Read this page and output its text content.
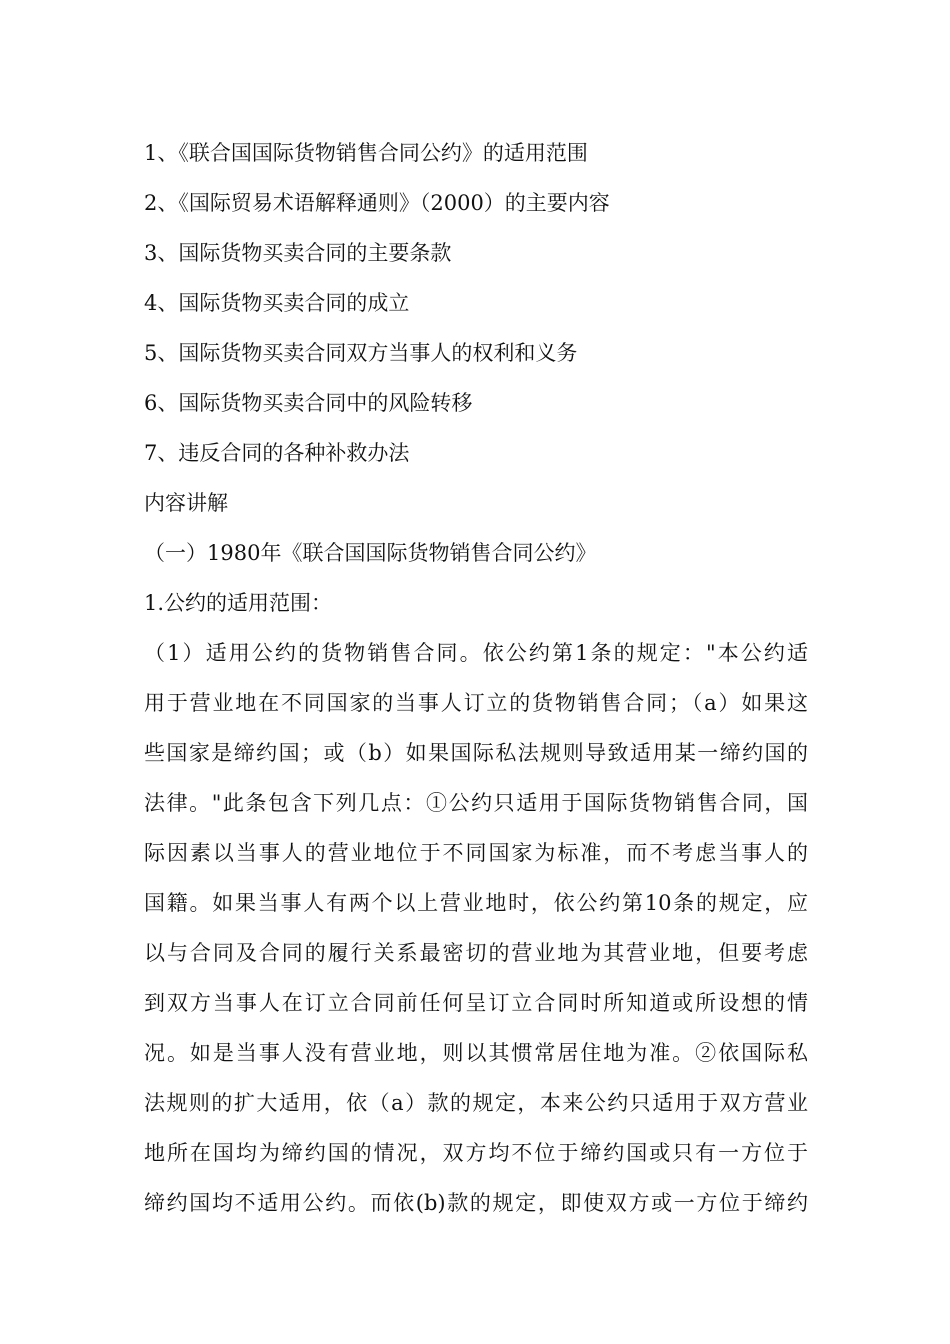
1、《联合国国际货物销售合同公约》的适用范围
2、《国际贸易术语解释通则》（2000）的主要内容
3、国际货物买卖合同的主要条款
4、国际货物买卖合同的成立
5、国际货物买卖合同双方当事人的权利和义务
6、国际货物买卖合同中的风险转移
7、违反合同的各种补救办法
内容讲解
（一）1980年《联合国国际货物销售合同公约》
1.公约的适用范围：
（1）适用公约的货物销售合同。依公约第1条的规定："本公约适
用于营业地在不同国家的当事人订立的货物销售合同；（a）如果这
些国家是缔约国；或（b）如果国际私法规则导致适用某一缔约国的
法律。"此条包含下列几点：①公约只适用于国际货物销售合同，国
际因素以当事人的营业地位于不同国家为标准，而不考虑当事人的
国籍。如果当事人有两个以上营业地时，依公约第10条的规定，应
以与合同及合同的履行关系最密切的营业地为其营业地，但要考虑
到双方当事人在订立合同前任何呈订立合同时所知道或所设想的情
况。如是当事人没有营业地，则以其惯常居住地为准。②依国际私
法规则的扩大适用，依（a）款的规定，本来公约只适用于双方营业
地所在国均为缔约国的情况，双方均不位于缔约国或只有一方位于
缔约国均不适用公约。而依(b)款的规定，即使双方或一方位于缔约
